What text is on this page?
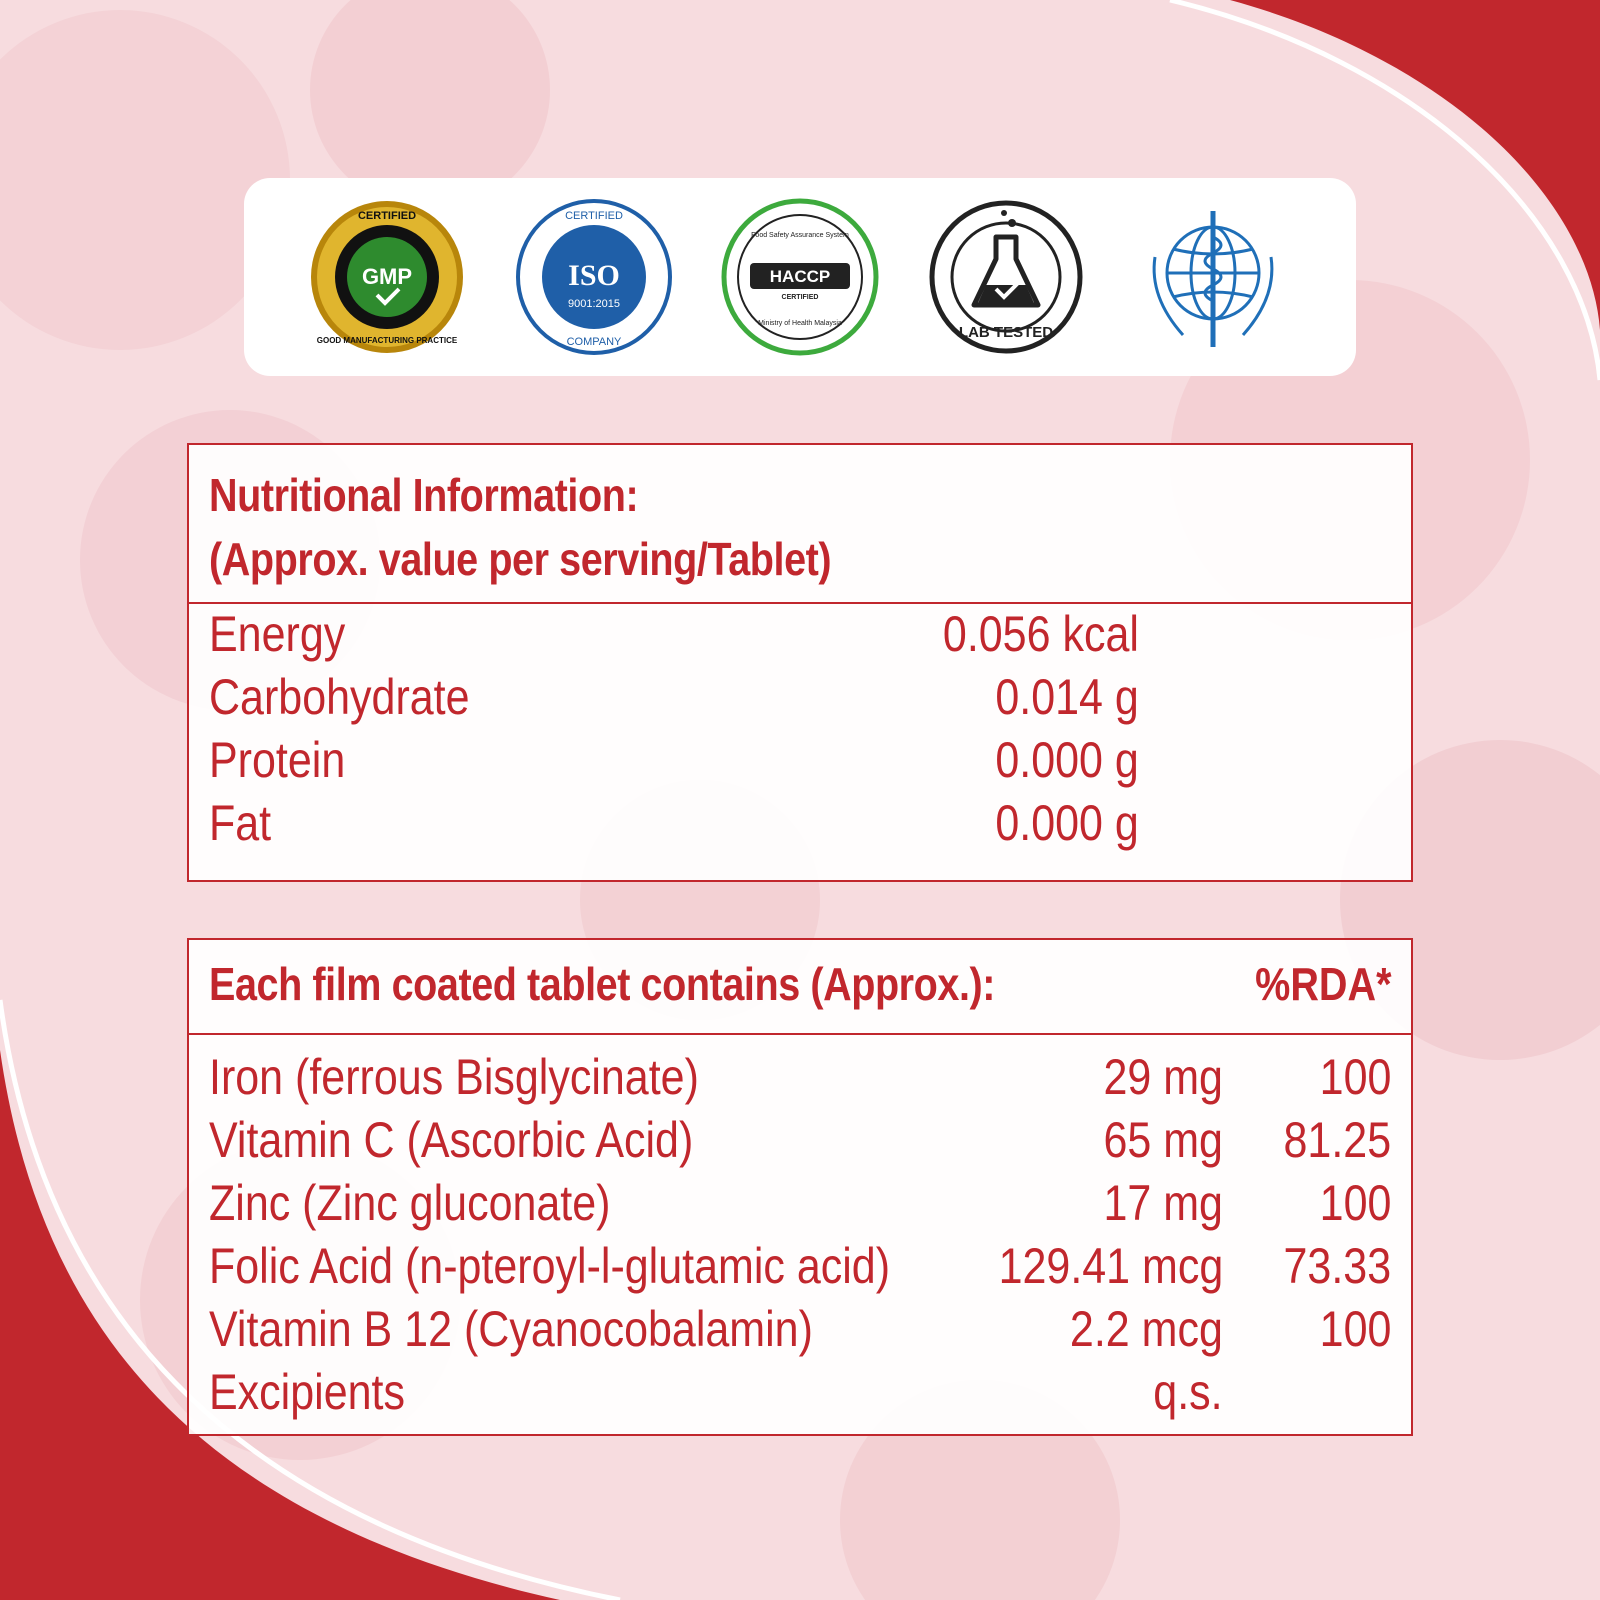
GMP
CERTIFIED
GOOD MANUFACTURING PRACTICE
ISO
9001:2015
CERTIFIED
COMPANY
HACCP
CERTIFIED
Food Safety Assurance System
Ministry of Health Malaysia
LAB TESTED
Nutritional Information:
(Approx. value per serving/Tablet)
Energy	0.056 kcal
Carbohydrate	0.014 g
Protein	0.000 g
Fat	0.000 g
Each film coated tablet contains (Approx.):	%RDA*
Iron (ferrous Bisglycinate)	29 mg 100
Vitamin C (Ascorbic Acid)	65 mg 81.25
Zinc (Zinc gluconate)	17 mg 100
Folic Acid (n-pteroyl-l-glutamic acid) 129.41 mcg 73.33
Vitamin B 12 (Cyanocobalamin)	2.2 mcg 100
Excipients	q.s.
